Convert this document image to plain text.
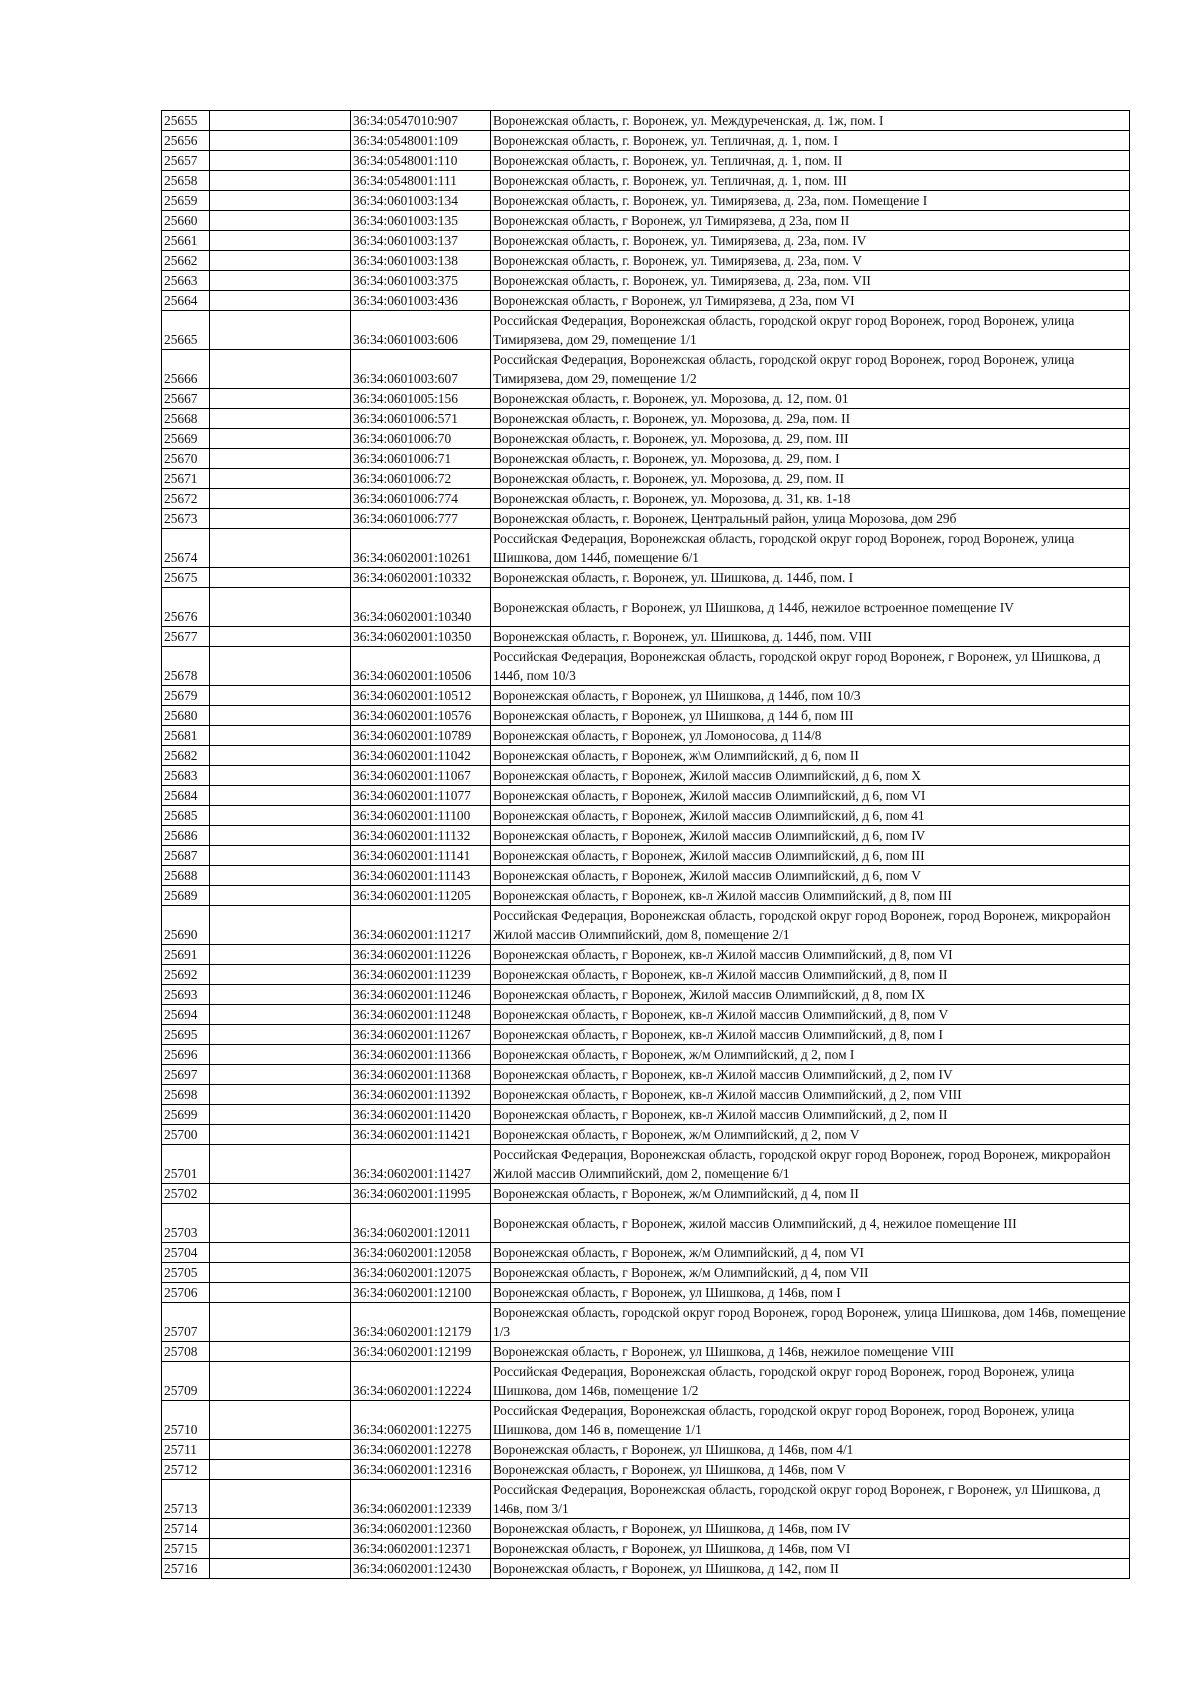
25655		36:34:0547010:907	Воронежская область, г. Воронеж, ул. Междуреченская, д. 1ж, пом. I
25656		36:34:0548001:109	Воронежская область, г. Воронеж, ул. Тепличная, д. 1, пом. I
25657		36:34:0548001:110	Воронежская область, г. Воронеж, ул. Тепличная, д. 1, пом. II
25658		36:34:0548001:111	Воронежская область, г. Воронеж, ул. Тепличная, д. 1, пом. III
25659		36:34:0601003:134	Воронежская область, г. Воронеж, ул. Тимирязева, д. 23а, пом. Помещение I
25660		36:34:0601003:135	Воронежская область, г Воронеж, ул Тимирязева, д 23а, пом II
25661		36:34:0601003:137	Воронежская область, г. Воронеж, ул. Тимирязева, д. 23а, пом. IV
25662		36:34:0601003:138	Воронежская область, г. Воронеж, ул. Тимирязева, д. 23а, пом. V
25663		36:34:0601003:375	Воронежская область, г. Воронеж, ул. Тимирязева, д. 23а, пом. VII
25664		36:34:0601003:436	Воронежская область, г Воронеж, ул Тимирязева, д 23а, пом VI
25665		36:34:0601003:606	Российская Федерация, Воронежская область, городской округ город Воронеж, город Воронеж, улица Тимирязева, дом 29, помещение 1/1
25666		36:34:0601003:607	Российская Федерация, Воронежская область, городской округ город Воронеж, город Воронеж, улица Тимирязева, дом 29, помещение 1/2
25667		36:34:0601005:156	Воронежская область, г. Воронеж, ул. Морозова, д. 12, пом. 01
25668		36:34:0601006:571	Воронежская область, г. Воронеж, ул. Морозова, д. 29а, пом. II
25669		36:34:0601006:70	Воронежская область, г. Воронеж, ул. Морозова, д. 29, пом. III
25670		36:34:0601006:71	Воронежская область, г. Воронеж, ул. Морозова, д. 29, пом. I
25671		36:34:0601006:72	Воронежская область, г. Воронеж, ул. Морозова, д. 29, пом. II
25672		36:34:0601006:774	Воронежская область, г. Воронеж, ул. Морозова, д. 31, кв. 1-18
25673		36:34:0601006:777	Воронежская область, г. Воронеж, Центральный район, улица Морозова, дом 29б
25674		36:34:0602001:10261	Российская Федерация, Воронежская область, городской округ город Воронеж, город Воронеж, улица Шишкова, дом 144б, помещение 6/1
25675		36:34:0602001:10332	Воронежская область, г. Воронеж, ул. Шишкова, д. 144б, пом. I
25676		36:34:0602001:10340	Воронежская область, г Воронеж, ул Шишкова, д 144б, нежилое встроенное помещение IV
25677		36:34:0602001:10350	Воронежская область, г. Воронеж, ул. Шишкова, д. 144б, пом. VIII
25678		36:34:0602001:10506	Российская Федерация, Воронежская область, городской округ город Воронеж, г Воронеж, ул Шишкова, д 144б, пом 10/3
25679		36:34:0602001:10512	Воронежская область, г Воронеж, ул Шишкова, д 144б, пом 10/3
25680		36:34:0602001:10576	Воронежская область, г Воронеж, ул Шишкова, д 144 б, пом III
25681		36:34:0602001:10789	Воронежская область, г Воронеж, ул Ломоносова, д 114/8
25682		36:34:0602001:11042	Воронежская область, г Воронеж, ж\м Олимпийский, д 6, пом II
25683		36:34:0602001:11067	Воронежская область, г Воронеж, Жилой массив Олимпийский, д 6, пом X
25684		36:34:0602001:11077	Воронежская область, г Воронеж, Жилой массив Олимпийский, д 6, пом VI
25685		36:34:0602001:11100	Воронежская область, г Воронеж, Жилой массив Олимпийский, д 6, пом 41
25686		36:34:0602001:11132	Воронежская область, г Воронеж, Жилой массив Олимпийский, д 6, пом IV
25687		36:34:0602001:11141	Воронежская область, г Воронеж, Жилой массив Олимпийский, д 6, пом III
25688		36:34:0602001:11143	Воронежская область, г Воронеж, Жилой массив Олимпийский, д 6, пом V
25689		36:34:0602001:11205	Воронежская область, г Воронеж, кв-л Жилой массив Олимпийский, д 8, пом III
25690		36:34:0602001:11217	Российская Федерация, Воронежская область, городской округ город Воронеж, город Воронеж, микрорайон Жилой массив Олимпийский, дом 8, помещение 2/1
25691		36:34:0602001:11226	Воронежская область, г Воронеж, кв-л Жилой массив Олимпийский, д 8, пом VI
25692		36:34:0602001:11239	Воронежская область, г Воронеж, кв-л Жилой массив Олимпийский, д 8, пом II
25693		36:34:0602001:11246	Воронежская область, г Воронеж, Жилой массив Олимпийский, д 8, пом IX
25694		36:34:0602001:11248	Воронежская область, г Воронеж, кв-л Жилой массив Олимпийский, д 8, пом V
25695		36:34:0602001:11267	Воронежская область, г Воронеж, кв-л Жилой массив Олимпийский, д 8, пом I
25696		36:34:0602001:11366	Воронежская область, г Воронеж, ж/м Олимпийский, д 2, пом I
25697		36:34:0602001:11368	Воронежская область, г Воронеж, кв-л Жилой массив Олимпийский, д 2, пом IV
25698		36:34:0602001:11392	Воронежская область, г Воронеж, кв-л Жилой массив Олимпийский, д 2, пом VIII
25699		36:34:0602001:11420	Воронежская область, г Воронеж, кв-л Жилой массив Олимпийский, д 2, пом II
25700		36:34:0602001:11421	Воронежская область, г Воронеж, ж/м Олимпийский, д 2, пом V
25701		36:34:0602001:11427	Российская Федерация, Воронежская область, городской округ город Воронеж, город Воронеж, микрорайон Жилой массив Олимпийский, дом 2, помещение 6/1
25702		36:34:0602001:11995	Воронежская область, г Воронеж, ж/м Олимпийский, д 4, пом II
25703		36:34:0602001:12011	Воронежская область, г Воронеж, жилой массив Олимпийский, д 4, нежилое помещение III
25704		36:34:0602001:12058	Воронежская область, г Воронеж, ж/м Олимпийский, д 4, пом VI
25705		36:34:0602001:12075	Воронежская область, г Воронеж, ж/м Олимпийский, д 4, пом VII
25706		36:34:0602001:12100	Воронежская область, г Воронеж, ул Шишкова, д 146в, пом I
25707		36:34:0602001:12179	Воронежская область, городской округ город Воронеж, город Воронеж, улица Шишкова, дом 146в, помещение 1/3
25708		36:34:0602001:12199	Воронежская область, г Воронеж, ул Шишкова, д 146в, нежилое помещение VIII
25709		36:34:0602001:12224	Российская Федерация, Воронежская область, городской округ город Воронеж, город Воронеж, улица Шишкова, дом 146в, помещение 1/2
25710		36:34:0602001:12275	Российская Федерация, Воронежская область, городской округ город Воронеж, город Воронеж, улица Шишкова, дом 146 в, помещение 1/1
25711		36:34:0602001:12278	Воронежская область, г Воронеж, ул Шишкова, д 146в, пом 4/1
25712		36:34:0602001:12316	Воронежская область, г Воронеж, ул Шишкова, д 146в, пом V
25713		36:34:0602001:12339	Российская Федерация, Воронежская область, городской округ город Воронеж, г Воронеж, ул Шишкова, д 146в, пом 3/1
25714		36:34:0602001:12360	Воронежская область, г Воронеж, ул Шишкова, д 146в, пом IV
25715		36:34:0602001:12371	Воронежская область, г Воронеж, ул Шишкова, д 146в, пом VI
25716		36:34:0602001:12430	Воронежская область, г Воронеж, ул Шишкова, д 142, пом II
